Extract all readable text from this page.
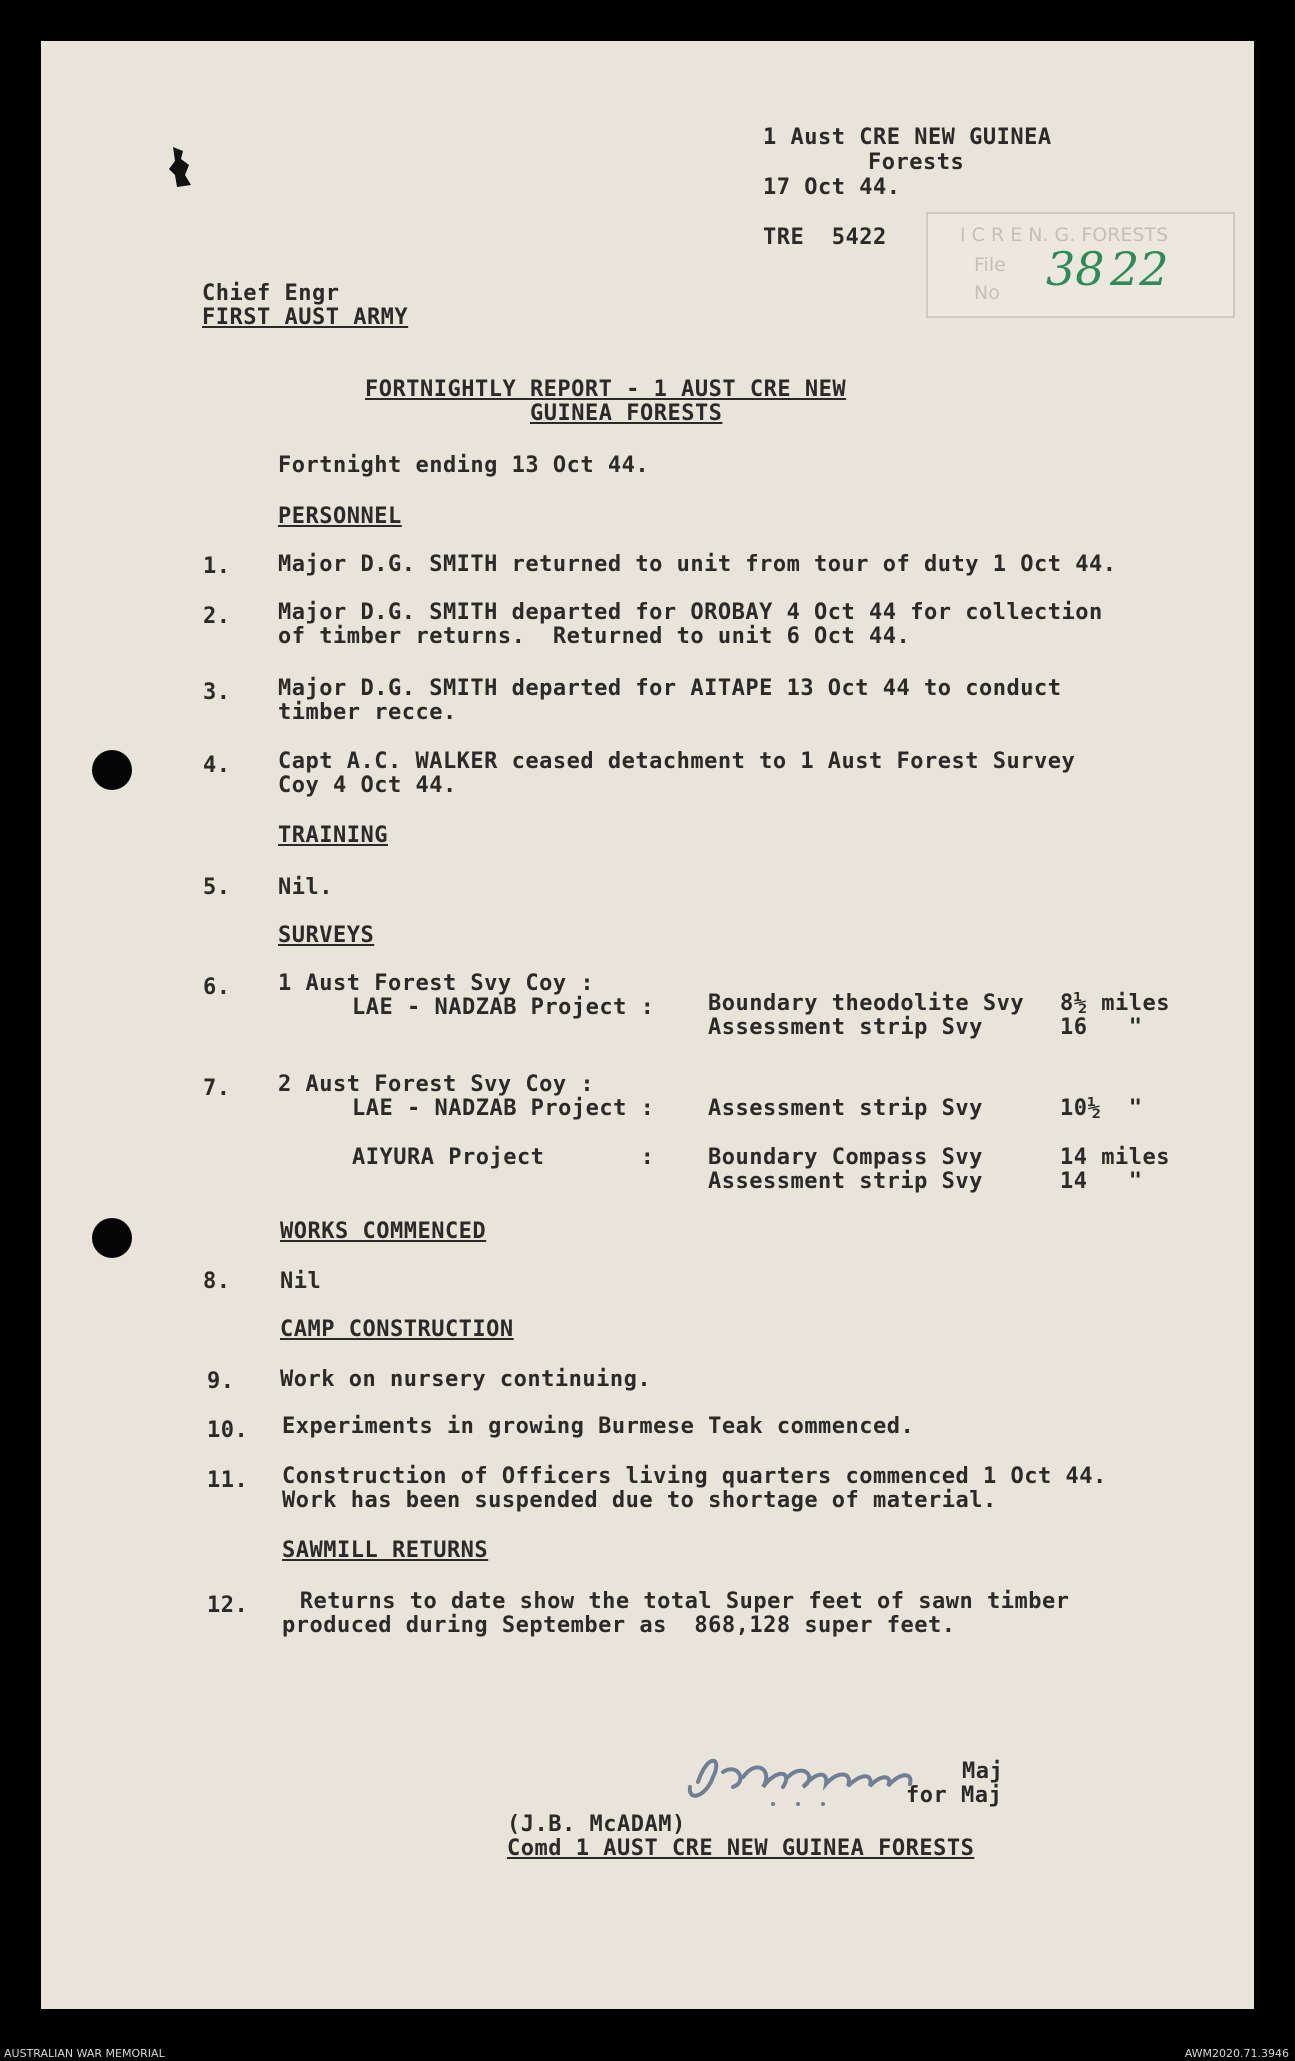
1 Aust CRE NEW GUINEA
Forests
17 Oct 44.
TRE  5422	I C R E N. G. FORESTS
File
No 38 22
Chief Engr
FIRST AUST ARMY
FORTNIGHTLY REPORT - 1 AUST CRE NEW
GUINEA FORESTS
Fortnight ending 13 Oct 44.
PERSONNEL
1. Major D.G. SMITH returned to unit from tour of duty 1 Oct 44.
2. Major D.G. SMITH departed for OROBAY 4 Oct 44 for collection
of timber returns.  Returned to unit 6 Oct 44.
3. Major D.G. SMITH departed for AITAPE 13 Oct 44 to conduct
timber recce.
4. Capt A.C. WALKER ceased detachment to 1 Aust Forest Survey
Coy 4 Oct 44.
TRAINING
5. Nil.
SURVEYS
6. 1 Aust Forest Svy Coy :
LAE - NADZAB Project : Boundary theodolite Svy 8½ miles
Assessment strip Svy	16   "
7. 2 Aust Forest Svy Coy :
LAE - NADZAB Project : Assessment strip Svy	10½  "
AIYURA Project       : Boundary Compass Svy	14 miles
Assessment strip Svy	14   "
WORKS COMMENCED
8. Nil
CAMP CONSTRUCTION
9. Work on nursery continuing.
10. Experiments in growing Burmese Teak commenced.
11. Construction of Officers living quarters commenced 1 Oct 44.
Work has been suspended due to shortage of material.
SAWMILL RETURNS
12. Returns to date show the total Super feet of sawn timber
produced during September as  868,128 super feet.
Maj
for Maj
(J.B. McADAM)
Comd 1 AUST CRE NEW GUINEA FORESTS
AUSTRALIAN WAR MEMORIAL	AWM2020.71.3946
